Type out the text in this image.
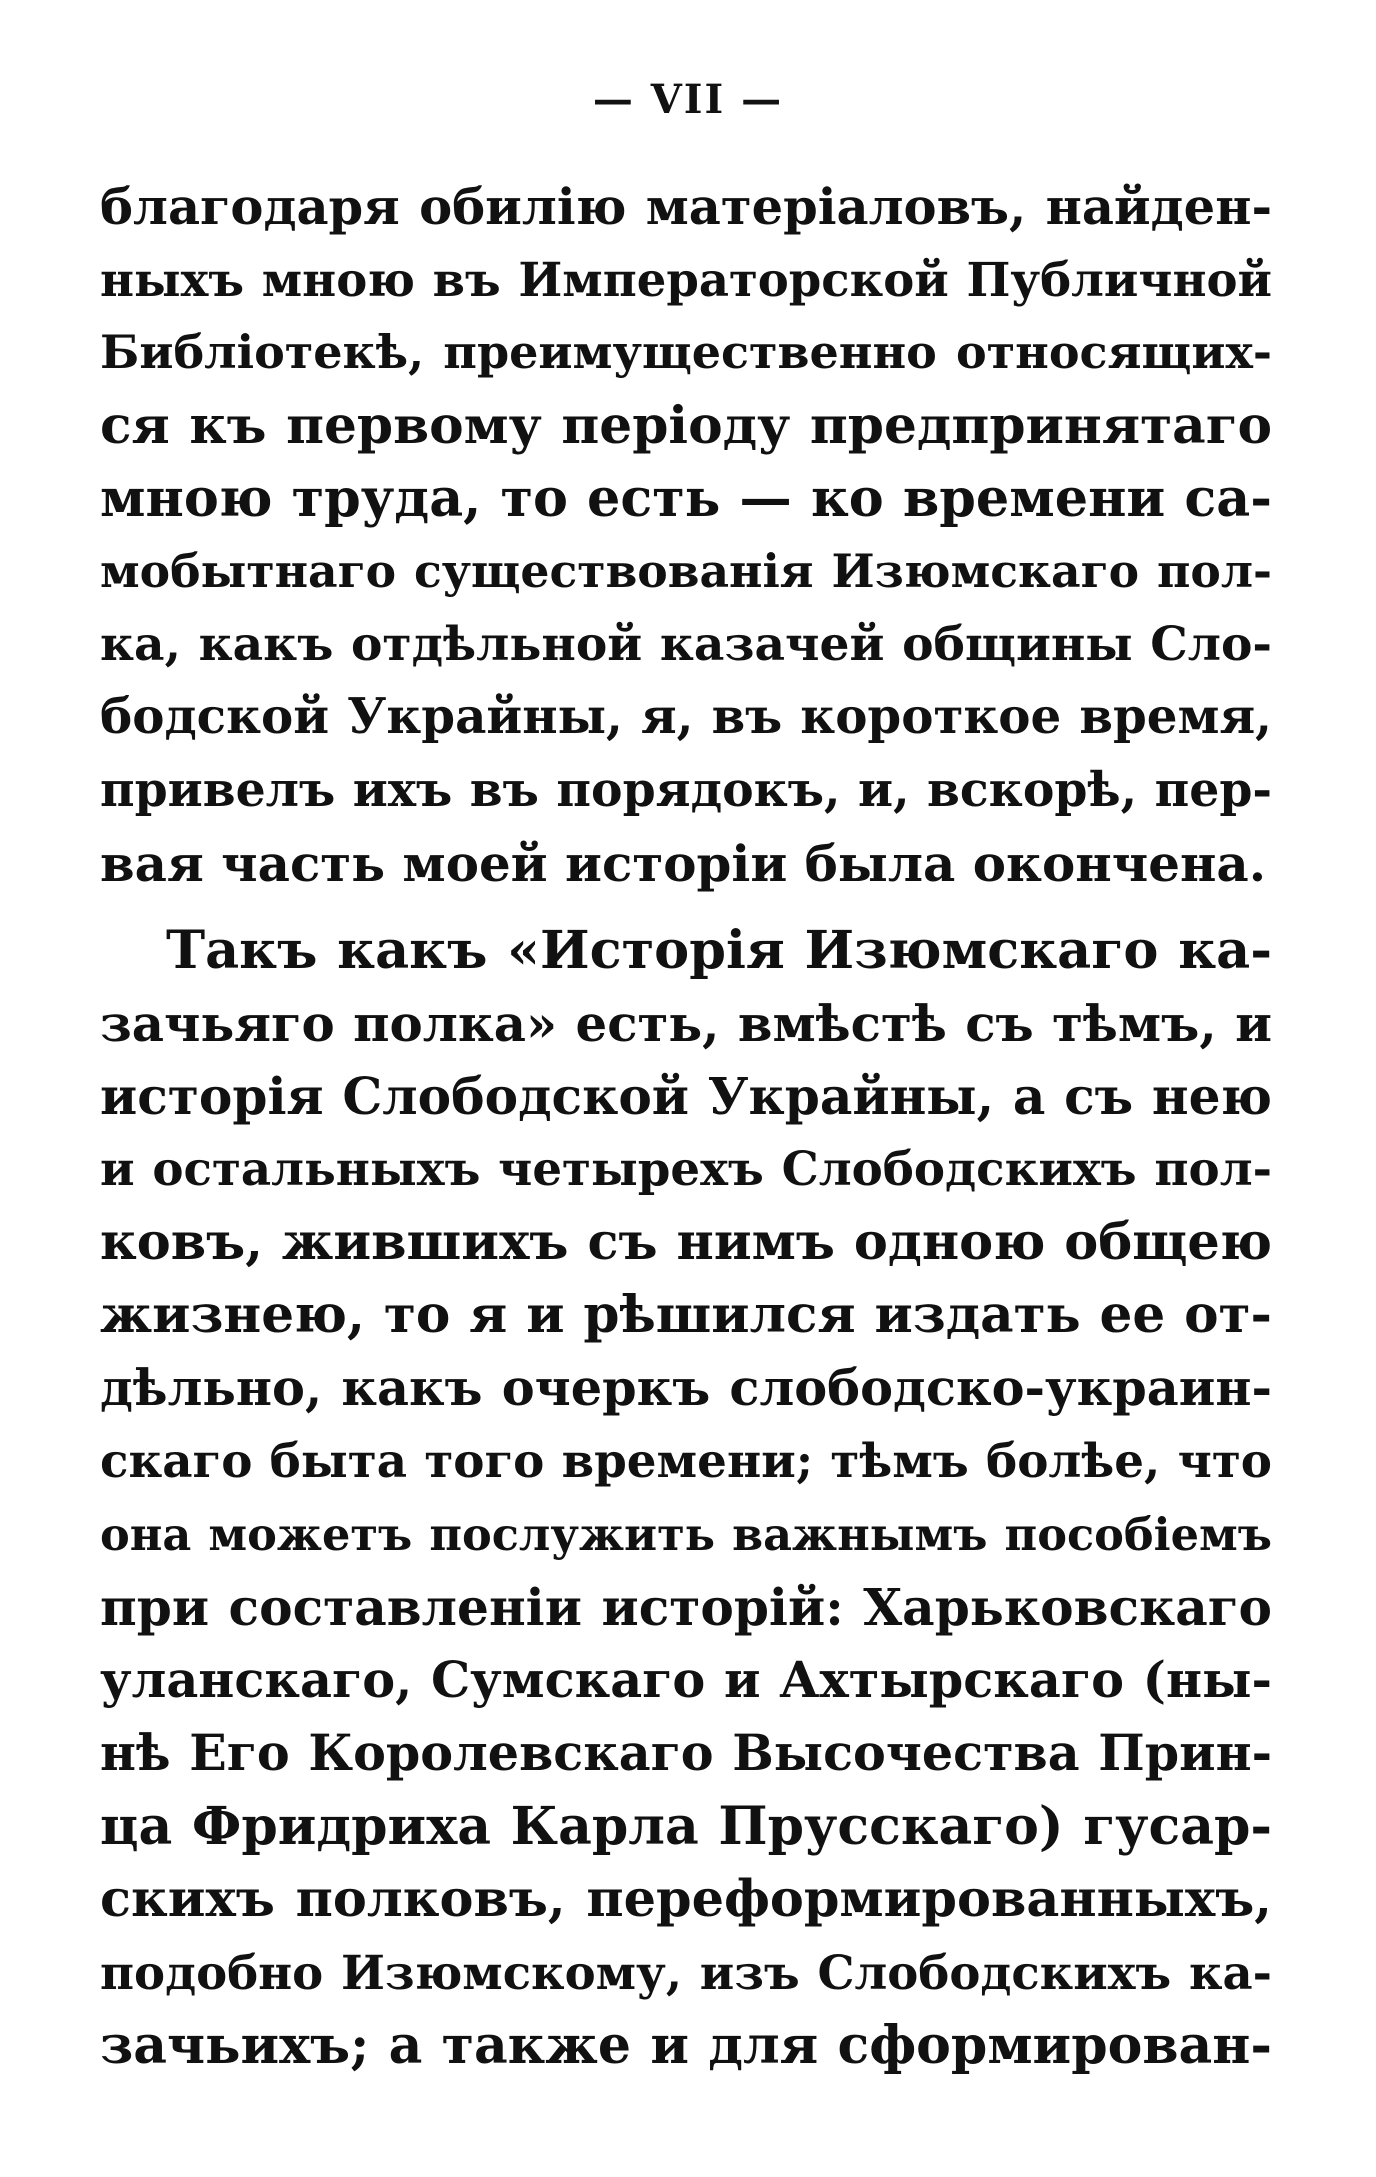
— VII —
благодаря обилію матеріаловъ, найден-
ныхъ мною въ Императорской Публичной
Библіотекѣ, преимущественно относящих-
ся къ первому періоду предпринятаго
мною труда, то есть — ко времени са-
мобытнаго существованія Изюмскаго пол-
ка, какъ отдѣльной казачей общины Сло-
бодской Украйны, я, въ короткое время,
привелъ ихъ въ порядокъ, и, вскорѣ, пер-
вая часть моей исторіи была окончена.
Такъ какъ «Исторія Изюмскаго ка-
зачьяго полка» есть, вмѣстѣ съ тѣмъ, и
исторія Слободской Украйны, а съ нею
и остальныхъ четырехъ Слободскихъ пол-
ковъ, жившихъ съ нимъ одною общею
жизнею, то я и рѣшился издать ее от-
дѣльно, какъ очеркъ слободско-украин-
скаго быта того времени; тѣмъ болѣе, что
она можетъ послужить важнымъ пособіемъ
при составленіи исторій: Харьковскаго
уланскаго, Сумскаго и Ахтырскаго (ны-
нѣ Его Королевскаго Высочества Прин-
ца Фридриха Карла Прусскаго) гусар-
скихъ полковъ, переформированныхъ,
подобно Изюмскому, изъ Слободскихъ ка-
зачьихъ; а также и для сформирован-
